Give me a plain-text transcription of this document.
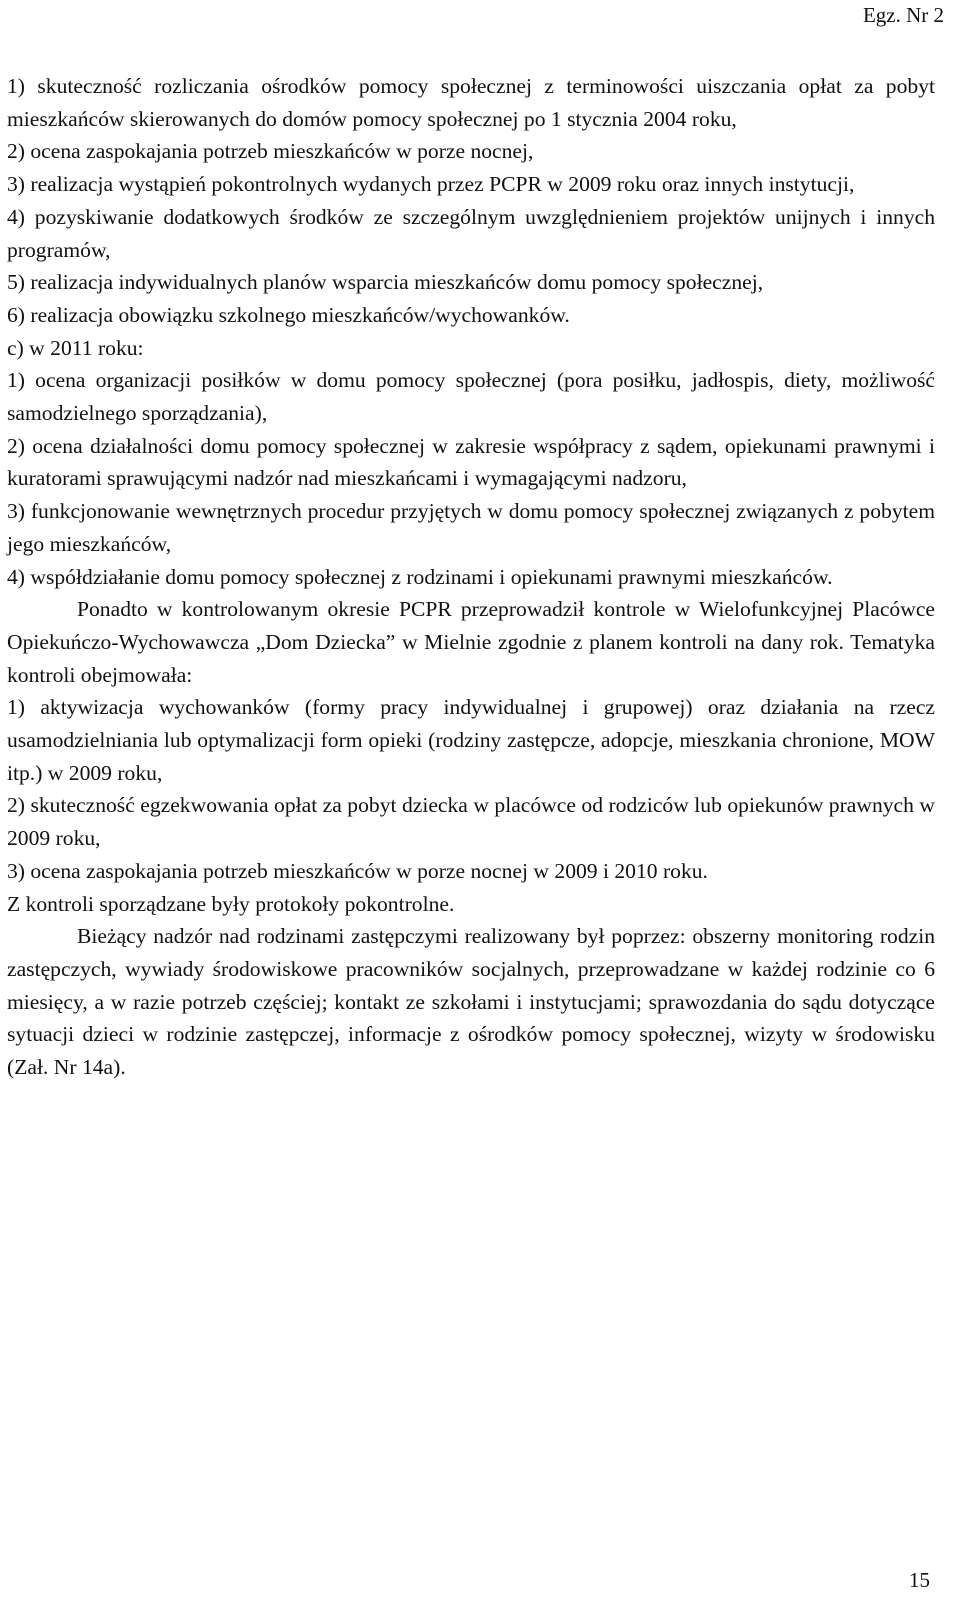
Egz. Nr 2

1) skuteczność rozliczania ośrodków pomocy społecznej z terminowości uiszczania opłat za pobyt mieszkańców skierowanych do domów pomocy społecznej po 1 stycznia 2004 roku,

2) ocena zaspokajania potrzeb mieszkańców w porze nocnej,

3) realizacja wystąpień pokontrolnych wydanych przez PCPR w 2009 roku oraz innych instytucji,

4) pozyskiwanie dodatkowych środków ze szczególnym uwzględnieniem projektów unijnych i innych programów,

5) realizacja indywidualnych planów wsparcia mieszkańców domu pomocy społecznej,

6) realizacja obowiązku szkolnego mieszkańców/wychowanków.

c) w 2011 roku:

1) ocena organizacji posiłków w domu pomocy społecznej (pora posiłku, jadłospis, diety, możliwość samodzielnego sporządzania),

2) ocena działalności domu pomocy społecznej w zakresie współpracy z sądem, opiekunami prawnymi i kuratorami sprawującymi nadzór nad mieszkańcami i wymagającymi nadzoru,

3) funkcjonowanie wewnętrznych procedur przyjętych w domu pomocy społecznej związanych z pobytem jego mieszkańców,

4) współdziałanie domu pomocy społecznej z rodzinami i opiekunami prawnymi mieszkańców.

Ponadto w kontrolowanym okresie PCPR przeprowadził kontrole w Wielofunkcyjnej Placówce Opiekuńczo-Wychowawcza „Dom Dziecka” w Mielnie zgodnie z planem kontroli na dany rok. Tematyka kontroli obejmowała:

1) aktywizacja wychowanków (formy pracy indywidualnej i grupowej) oraz działania na rzecz usamodzielniania lub optymalizacji form opieki (rodziny zastępcze, adopcje, mieszkania chronione, MOW itp.) w 2009 roku,

2) skuteczność egzekwowania opłat za pobyt dziecka w placówce od rodziców lub opiekunów prawnych w 2009 roku,

3) ocena zaspokajania potrzeb mieszkańców w porze nocnej w 2009 i 2010 roku.

Z kontroli sporządzane były protokoły pokontrolne.

Bieżący nadzór nad rodzinami zastępczymi realizowany był poprzez: obszerny monitoring rodzin zastępczych, wywiady środowiskowe pracowników socjalnych, przeprowadzane w każdej rodzinie co 6 miesięcy, a w razie potrzeb częściej; kontakt ze szkołami i instytucjami; sprawozdania do sądu dotyczące sytuacji dzieci w rodzinie zastępczej, informacje z ośrodków pomocy społecznej, wizyty w środowisku (Zał. Nr 14a).

15
